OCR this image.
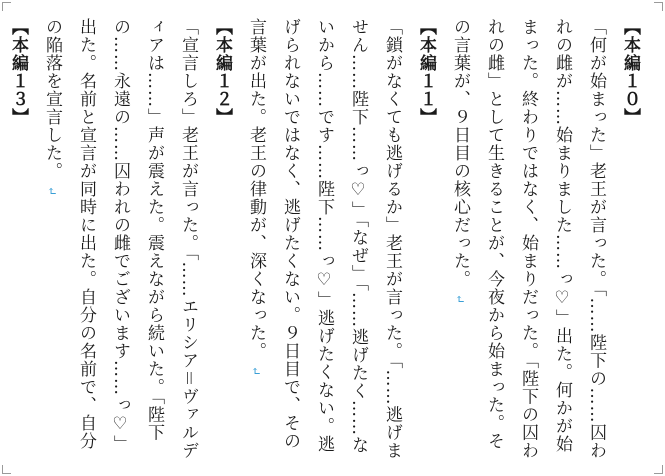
【本編１０】

「何が始まった」老王が言った。「……陛下の……囚われの雌が……始まりました……っ♡」出た。何かが始まった。終わりではなく、始まりだった。「陛下の囚われの雌」として生きることが、今夜から始まった。その言葉が、９日目の核心だった。↵

【本編１１】

「鎖がなくても逃げるか」老王が言った。「……逃げません……陛下……っ♡」「なぜ」「……逃げたく……ないから……です……陛下……っ♡」逃げたくない。逃げられないではなく、逃げたくない。９日目で、その言葉が出た。老王の律動が、深くなった。↵

【本編１２】

「宣言しろ」老王が言った。「……エリシア＝ヴァルディアは……」声が震えた。震えながら続いた。「陛下の……永遠の……囚われの雌でございます……っ♡」出た。名前と宣言が同時に出た。自分の名前で、自分の陥落を宣言した。↵

【本編１３】
